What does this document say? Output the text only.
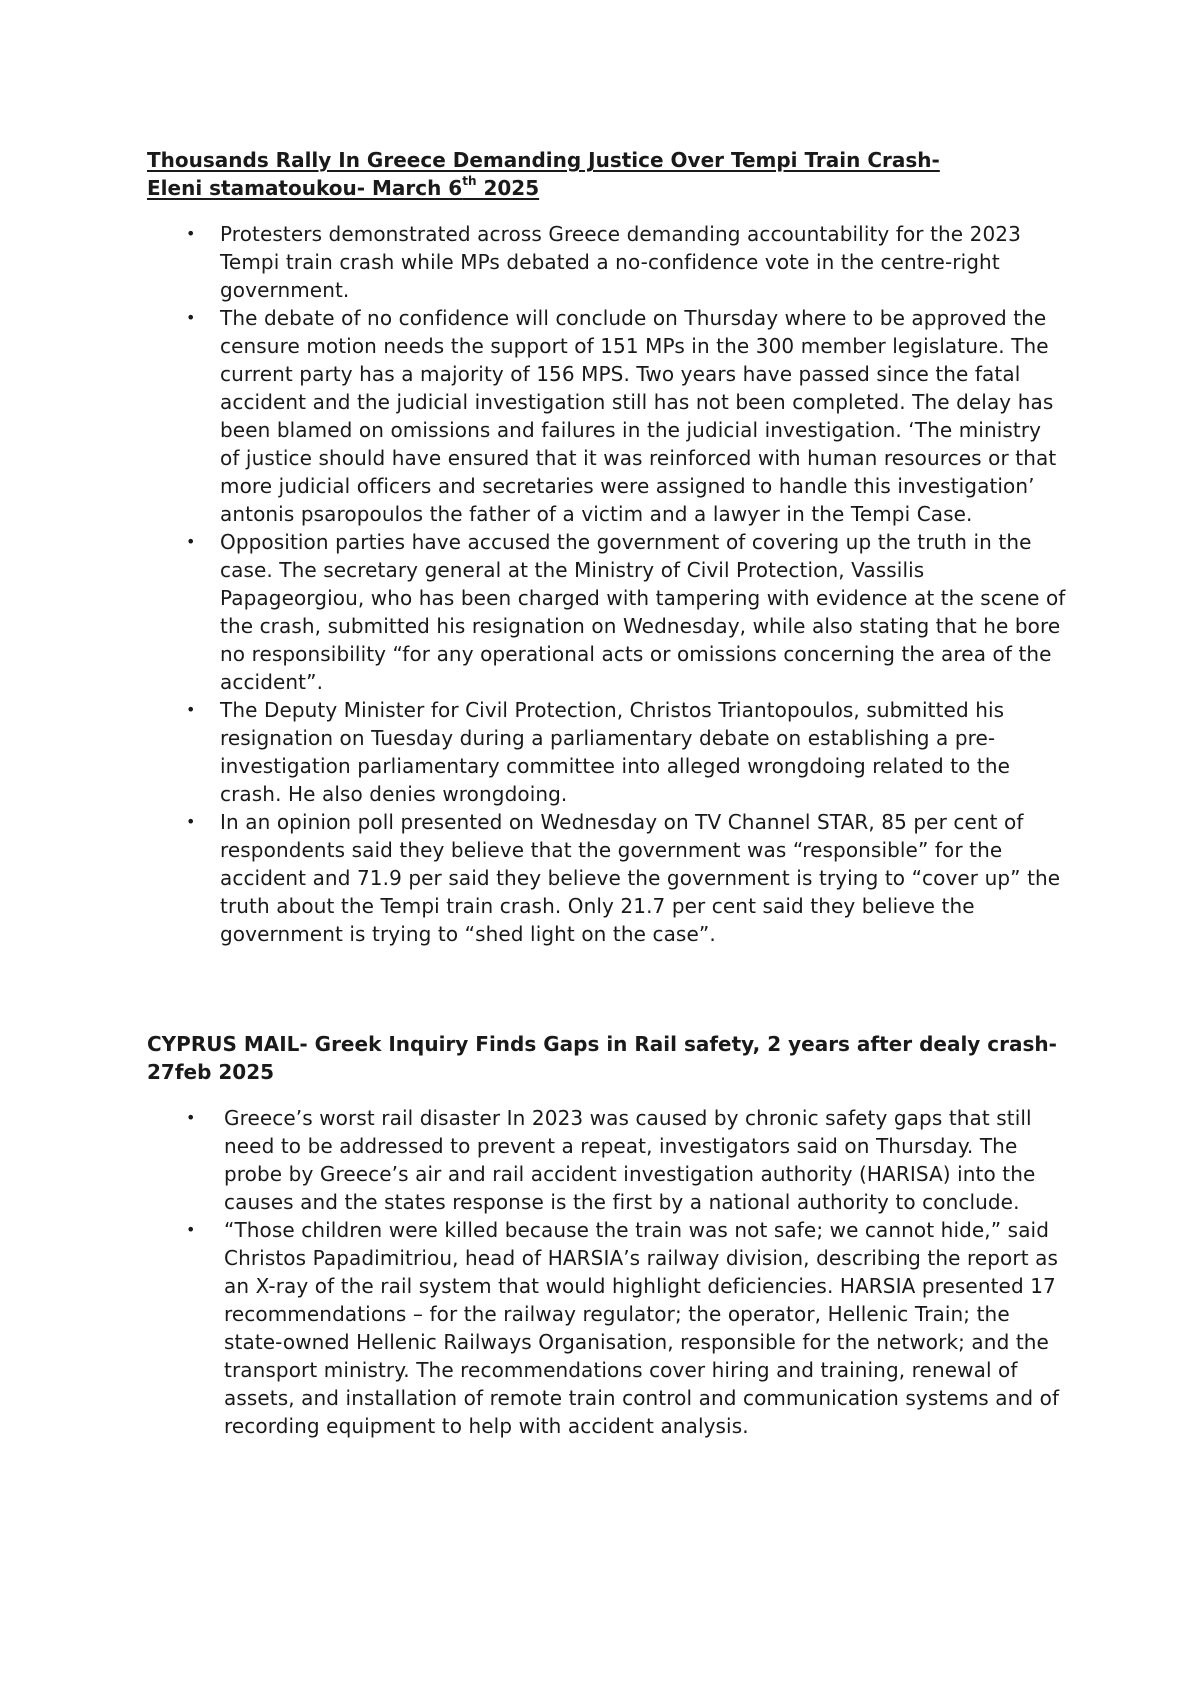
Thousands Rally In Greece Demanding Justice Over Tempi Train Crash-
Eleni stamatoukou- March 6th 2025

• Protesters demonstrated across Greece demanding accountability for the 2023 Tempi train crash while MPs debated a no-confidence vote in the centre-right government.
• The debate of no confidence will conclude on Thursday where to be approved the censure motion needs the support of 151 MPs in the 300 member legislature. The current party has a majority of 156 MPS. Two years have passed since the fatal accident and the judicial investigation still has not been completed. The delay has been blamed on omissions and failures in the judicial investigation. ‘The ministry of justice should have ensured that it was reinforced with human resources or that more judicial officers and secretaries were assigned to handle this investigation’ antonis psaropoulos the father of a victim and a lawyer in the Tempi Case.
• Opposition parties have accused the government of covering up the truth in the case. The secretary general at the Ministry of Civil Protection, Vassilis Papageorgiou, who has been charged with tampering with evidence at the scene of the crash, submitted his resignation on Wednesday, while also stating that he bore no responsibility “for any operational acts or omissions concerning the area of the accident”.
• The Deputy Minister for Civil Protection, Christos Triantopoulos, submitted his resignation on Tuesday during a parliamentary debate on establishing a pre-investigation parliamentary committee into alleged wrongdoing related to the crash. He also denies wrongdoing.
• In an opinion poll presented on Wednesday on TV Channel STAR, 85 per cent of respondents said they believe that the government was “responsible” for the accident and 71.9 per said they believe the government is trying to “cover up” the truth about the Tempi train crash. Only 21.7 per cent said they believe the government is trying to “shed light on the case”.

CYPRUS MAIL- Greek Inquiry Finds Gaps in Rail safety, 2 years after dealy crash-27feb 2025

• Greece’s worst rail disaster In 2023 was caused by chronic safety gaps that still need to be addressed to prevent a repeat, investigators said on Thursday. The probe by Greece’s air and rail accident investigation authority (HARISA) into the causes and the states response is the first by a national authority to conclude.
• “Those children were killed because the train was not safe; we cannot hide,” said Christos Papadimitriou, head of HARSIA’s railway division, describing the report as an X-ray of the rail system that would highlight deficiencies. HARSIA presented 17 recommendations – for the railway regulator; the operator, Hellenic Train; the state-owned Hellenic Railways Organisation, responsible for the network; and the transport ministry. The recommendations cover hiring and training, renewal of assets, and installation of remote train control and communication systems and of recording equipment to help with accident analysis.
